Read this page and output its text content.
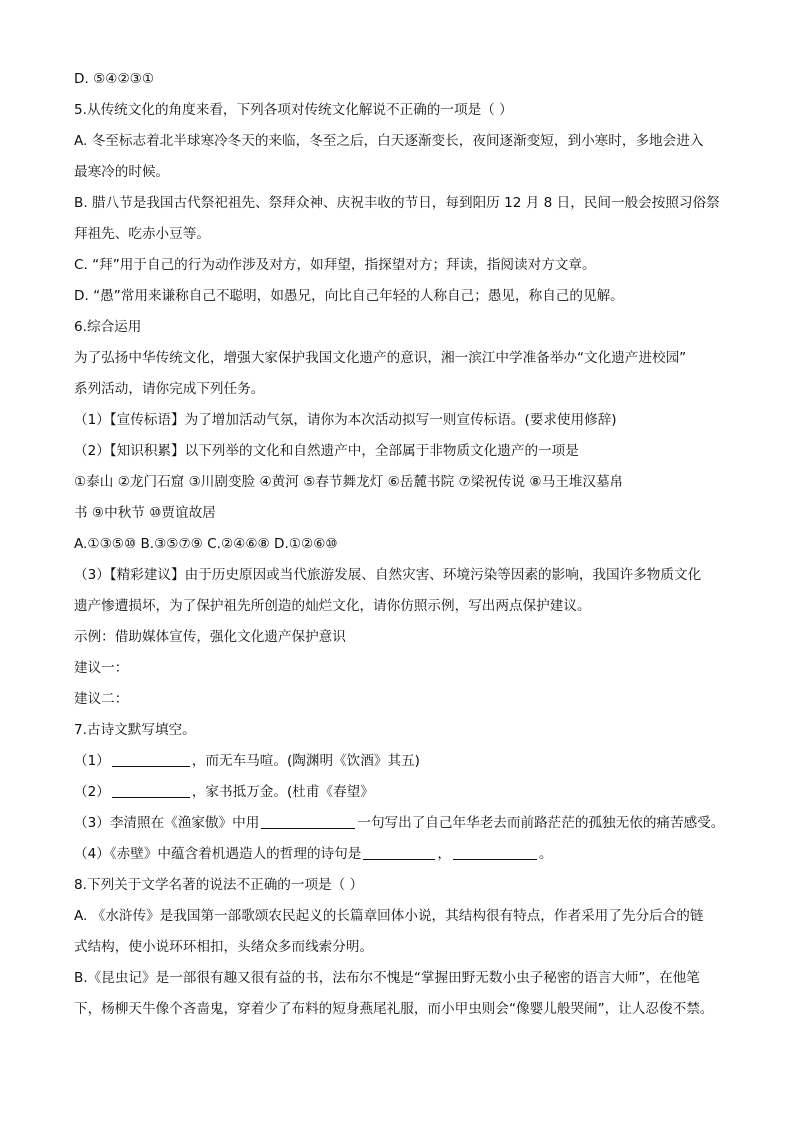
D. ⑤④②③①
5.从传统文化的角度来看，下列各项对传统文化解说不正确的一项是（ ）
A. 冬至标志着北半球寒冷冬天的来临，冬至之后，白天逐渐变长，夜间逐渐变短，到小寒时，多地会进入
最寒冷的时候。
B. 腊八节是我国古代祭祀祖先、祭拜众神、庆祝丰收的节日，每到阳历 12 月 8 日，民间一般会按照习俗祭
拜祖先、吃赤小豆等。
C. “拜”用于自己的行为动作涉及对方，如拜望，指探望对方；拜读，指阅读对方文章。
D. “愚”常用来谦称自己不聪明，如愚兄，向比自己年轻的人称自己；愚见，称自己的见解。
6.综合运用
为了弘扬中华传统文化，增强大家保护我国文化遗产的意识，湘一滨江中学准备举办“文化遗产进校园”
系列活动，请你完成下列任务。
（1）【宣传标语】为了增加活动气氛，请你为本次活动拟写一则宣传标语。(要求使用修辞)
（2）【知识积累】以下列举的文化和自然遗产中，全部属于非物质文化遗产的一项是
①泰山 ②龙门石窟 ③川剧变脸 ④黄河 ⑤春节舞龙灯 ⑥岳麓书院 ⑦梁祝传说 ⑧马王堆汉墓帛
书 ⑨中秋节 ⑩贾谊故居
A.①③⑤⑩ B.③⑤⑦⑨ C.②④⑥⑧ D.①②⑥⑩
（3）【精彩建议】由于历史原因或当代旅游发展、自然灾害、环境污染等因素的影响，我国许多物质文化
遗产惨遭损坏，为了保护祖先所创造的灿烂文化，请你仿照示例，写出两点保护建议。
示例：借助媒体宣传，强化文化遗产保护意识
建议一：
建议二：
7.古诗文默写填空。
（1）	，而无车马喧。(陶渊明《饮酒》其五)
（2）	，家书抵万金。(杜甫《春望》
（3）李清照在《渔家傲》中用	一句写出了自己年华老去而前路茫茫的孤独无依的痛苦感受。
（4）《赤壁》中蕴含着机遇造人的哲理的诗句是	，	。
8.下列关于文学名著的说法不正确的一项是（ ）
A. 《水浒传》是我国第一部歌颂农民起义的长篇章回体小说，其结构很有特点，作者采用了先分后合的链
式结构，使小说环环相扣，头绪众多而线索分明。
B.《昆虫记》是一部很有趣又很有益的书，法布尔不愧是“掌握田野无数小虫子秘密的语言大师”，在他笔
下，杨柳天牛像个吝啬鬼，穿着少了布料的短身燕尾礼服，而小甲虫则会“像婴儿般哭闹”，让人忍俊不禁。
